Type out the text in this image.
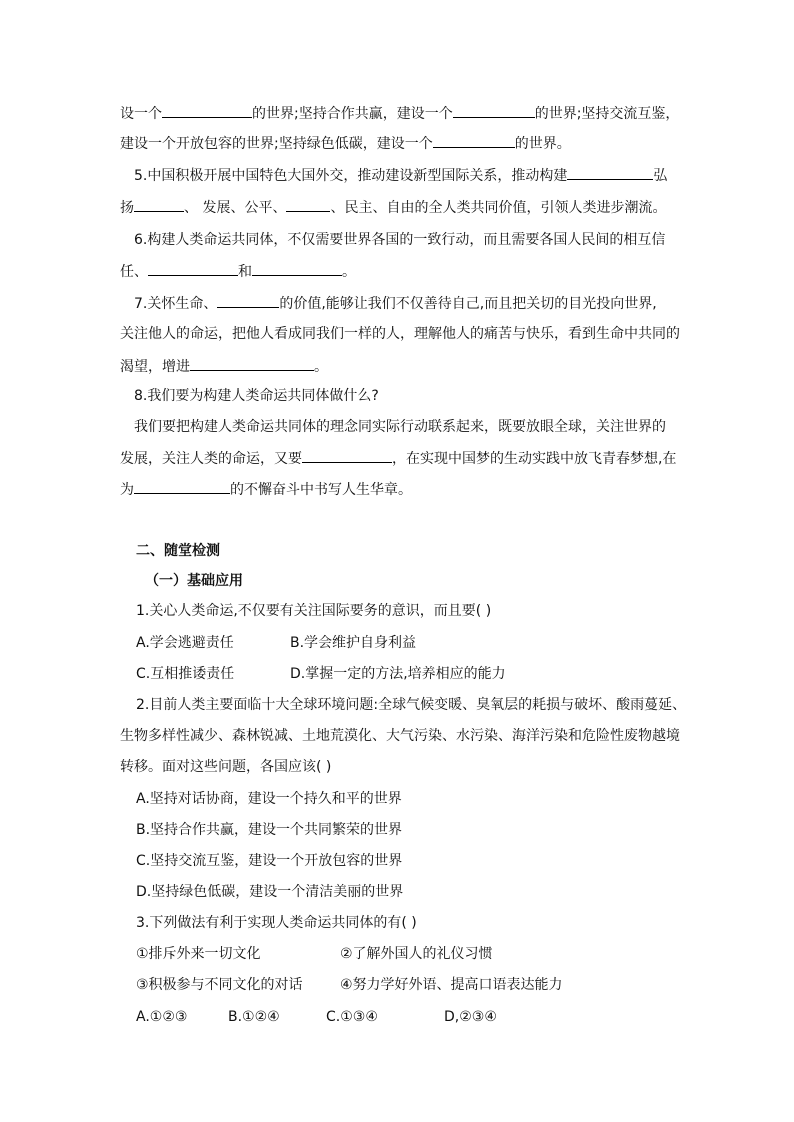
设一个	的世界;坚持合作共赢，建设一个	的世界;坚持交流互鉴，
建设一个开放包容的世界;坚持绿色低碳，建设一个	的世界。
5.中国积极开展中国特色大国外交，推动建设新型国际关系，推动构建	弘
扬	、 发展、公平、	、民主、自由的全人类共同价值，引领人类进步潮流。
6.构建人类命运共同体，不仅需要世界各国的一致行动，而且需要各国人民间的相互信
任、	和	。
7.关怀生命、	的价值,能够让我们不仅善待自己,而且把关切的目光投向世界,
关注他人的命运，把他人看成同我们一样的人，理解他人的痛苦与快乐，看到生命中共同的
渴望，增进	。
8.我们要为构建人类命运共同体做什么?
我们要把构建人类命运共同体的理念同实际行动联系起来，既要放眼全球，关注世界的
发展，关注人类的命运，又要	，在实现中国梦的生动实践中放飞青春梦想,在
为	的不懈奋斗中书写人生华章。
二、随堂检测
（一）基础应用
1.关心人类命运,不仅要有关注国际要务的意识，而且要( )
A.学会逃避责任	B.学会维护自身利益
C.互相推诿责任	D.掌握一定的方法,培养相应的能力
2.目前人类主要面临十大全球环境问题:全球气候变暖、臭氧层的耗损与破坏、酸雨蔓延、
生物多样性减少、森林锐减、土地荒漠化、大气污染、水污染、海洋污染和危险性废物越境
转移。面对这些问题，各国应该( )
A.坚持对话协商，建设一个持久和平的世界
B.坚持合作共赢，建设一个共同繁荣的世界
C.坚持交流互鉴，建设一个开放包容的世界
D.坚持绿色低碳，建设一个清洁美丽的世界
3.下列做法有利于实现人类命运共同体的有( )
①排斥外来一切文化	②了解外国人的礼仪习惯
③积极参与不同文化的对话	④努力学好外语、提高口语表达能力
A.①②③	B.①②④	C.①③④	D,②③④
